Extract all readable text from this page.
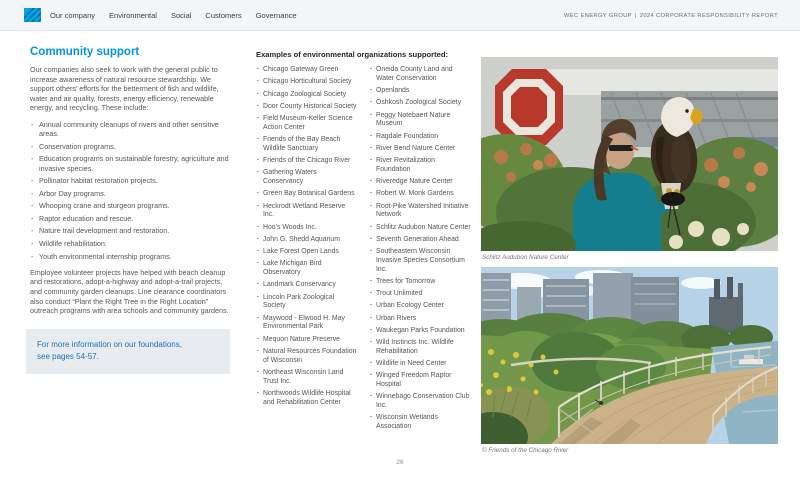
Our company Environmental Social Customers Governance	WEC ENERGY GROUP | 2024 CORPORATE RESPONSIBILITY REPORT
Community support

Our companies also seek to work with the general public to increase awareness of natural resource stewardship. We support others’ efforts for the betterment of fish and wildlife, water and air quality, forests, energy efficiency, renewable energy, and recycling. These include:

- Annual community cleanups of rivers and other sensitive areas.
- Conservation programs.
- Education programs on sustainable forestry, agriculture and invasive species.
- Pollinator habitat restoration projects.
- Arbor Day programs.
- Whooping crane and sturgeon programs.
- Raptor education and rescue.
- Nature trail development and restoration.
- Wildlife rehabilitation.
- Youth environmental internship programs.

Employee volunteer projects have helped with beach cleanup and restorations, adopt-a-highway and adopt-a-trail projects, and community garden cleanups. Line clearance coordinators also conduct “Plant the Right Tree in the Right Location” outreach programs with area schools and community gardens.

For more information on our foundations,
see pages 54-57.
Examples of environmental organizations supported:
· Chicago Gateway Green
· Chicago Horticultural Society
· Chicago Zoological Society
· Door County Historical Society
· Field Museum-Keller Science Action Center
· Friends of the Bay Beach Wildlife Sanctuary
· Friends of the Chicago River
· Gathering Waters Conservancy
· Green Bay Botanical Gardens
· Heckrodt Wetland Reserve Inc.
· Hoo’s Woods Inc.
· John G. Shedd Aquarium
· Lake Forest Open Lands
· Lake Michigan Bird Observatory
· Landmark Conservancy
· Lincoln Park Zoological Society
· Maywood - Elwood H. May Environmental Park
· Mequon Nature Preserve
· Natural Resources Foundation of Wisconsin
· Northeast Wisconsin Land Trust Inc.
· Northwoods Wildlife Hospital and Rehabilitation Center
· Oneida County Land and Water Conservation
· Openlands
· Oshkosh Zoological Society
· Peggy Notebaert Nature Museum
· Ragdale Foundation
· River Bend Nature Center
· River Revitalization Foundation
· Riveredge Nature Center
· Robert W. Monk Gardens
· Root-Pike Watershed Initiative Network
· Schlitz Audubon Nature Center
· Seventh Generation Ahead
· Southeastern Wisconsin Invasive Species Consortium Inc.
· Trees for Tomorrow
· Trout Unlimited
· Urban Ecology Center
· Urban Rivers
· Waukegan Parks Foundation
· Wild Instincts Inc. Wildlife Rehabilitation
· Wildlife in Need Center
· Winged Freedom Raptor Hospital
· Winnebago Conservation Club Inc.
· Wisconsin Wetlands Association
Schlitz Audubon Nature Center
© Friends of the Chicago River
26
